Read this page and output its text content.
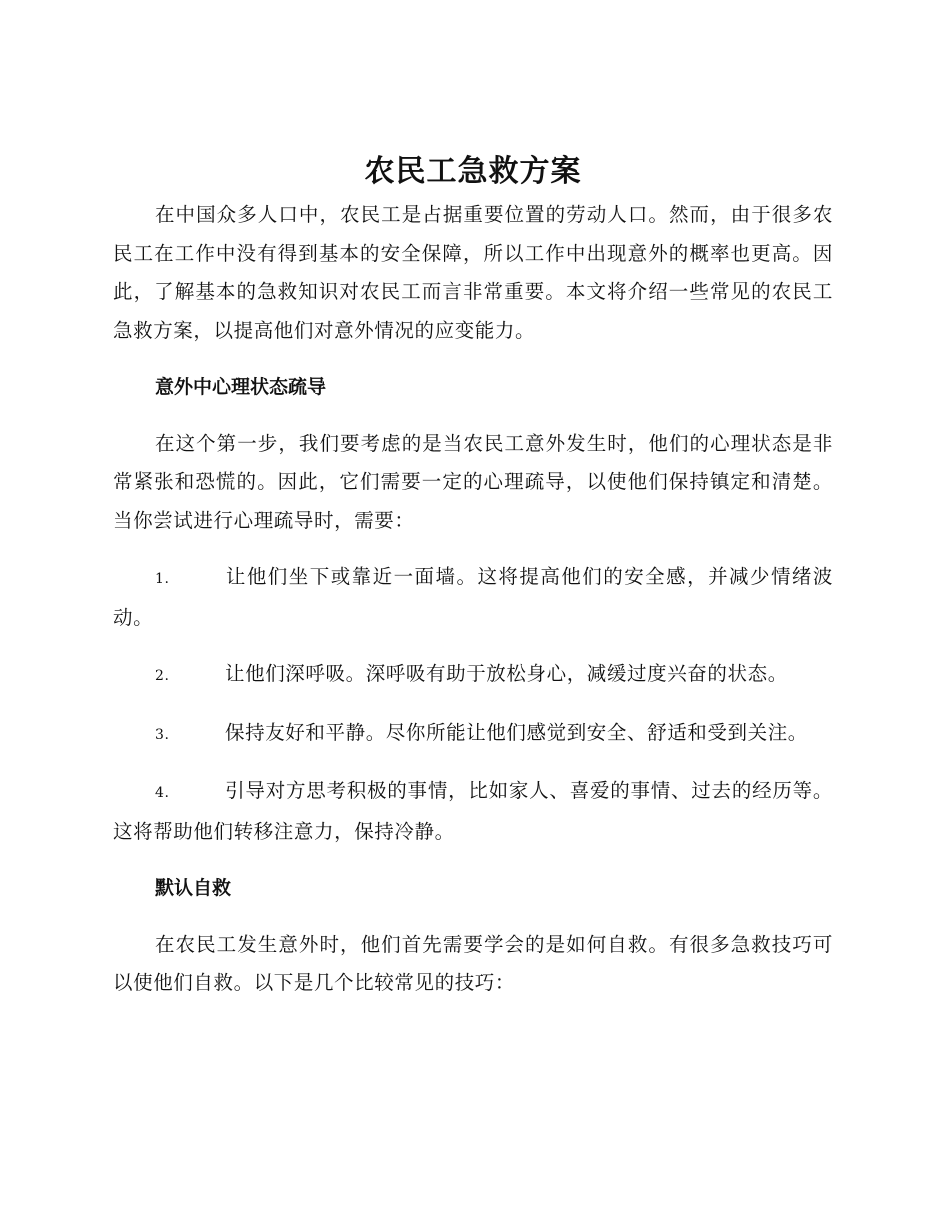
农民工急救方案

在中国众多人口中，农民工是占据重要位置的劳动人口。然而，由于很多农民工在工作中没有得到基本的安全保障，所以工作中出现意外的概率也更高。因此，了解基本的急救知识对农民工而言非常重要。本文将介绍一些常见的农民工急救方案，以提高他们对意外情况的应变能力。

意外中心理状态疏导

在这个第一步，我们要考虑的是当农民工意外发生时，他们的心理状态是非常紧张和恐慌的。因此，它们需要一定的心理疏导，以使他们保持镇定和清楚。当你尝试进行心理疏导时，需要：

1.	让他们坐下或靠近一面墙。这将提高他们的安全感，并减少情绪波动。

2.	让他们深呼吸。深呼吸有助于放松身心，减缓过度兴奋的状态。

3.	保持友好和平静。尽你所能让他们感觉到安全、舒适和受到关注。

4.	引导对方思考积极的事情，比如家人、喜爱的事情、过去的经历等。这将帮助他们转移注意力，保持冷静。

默认自救

在农民工发生意外时，他们首先需要学会的是如何自救。有很多急救技巧可以使他们自救。以下是几个比较常见的技巧：
